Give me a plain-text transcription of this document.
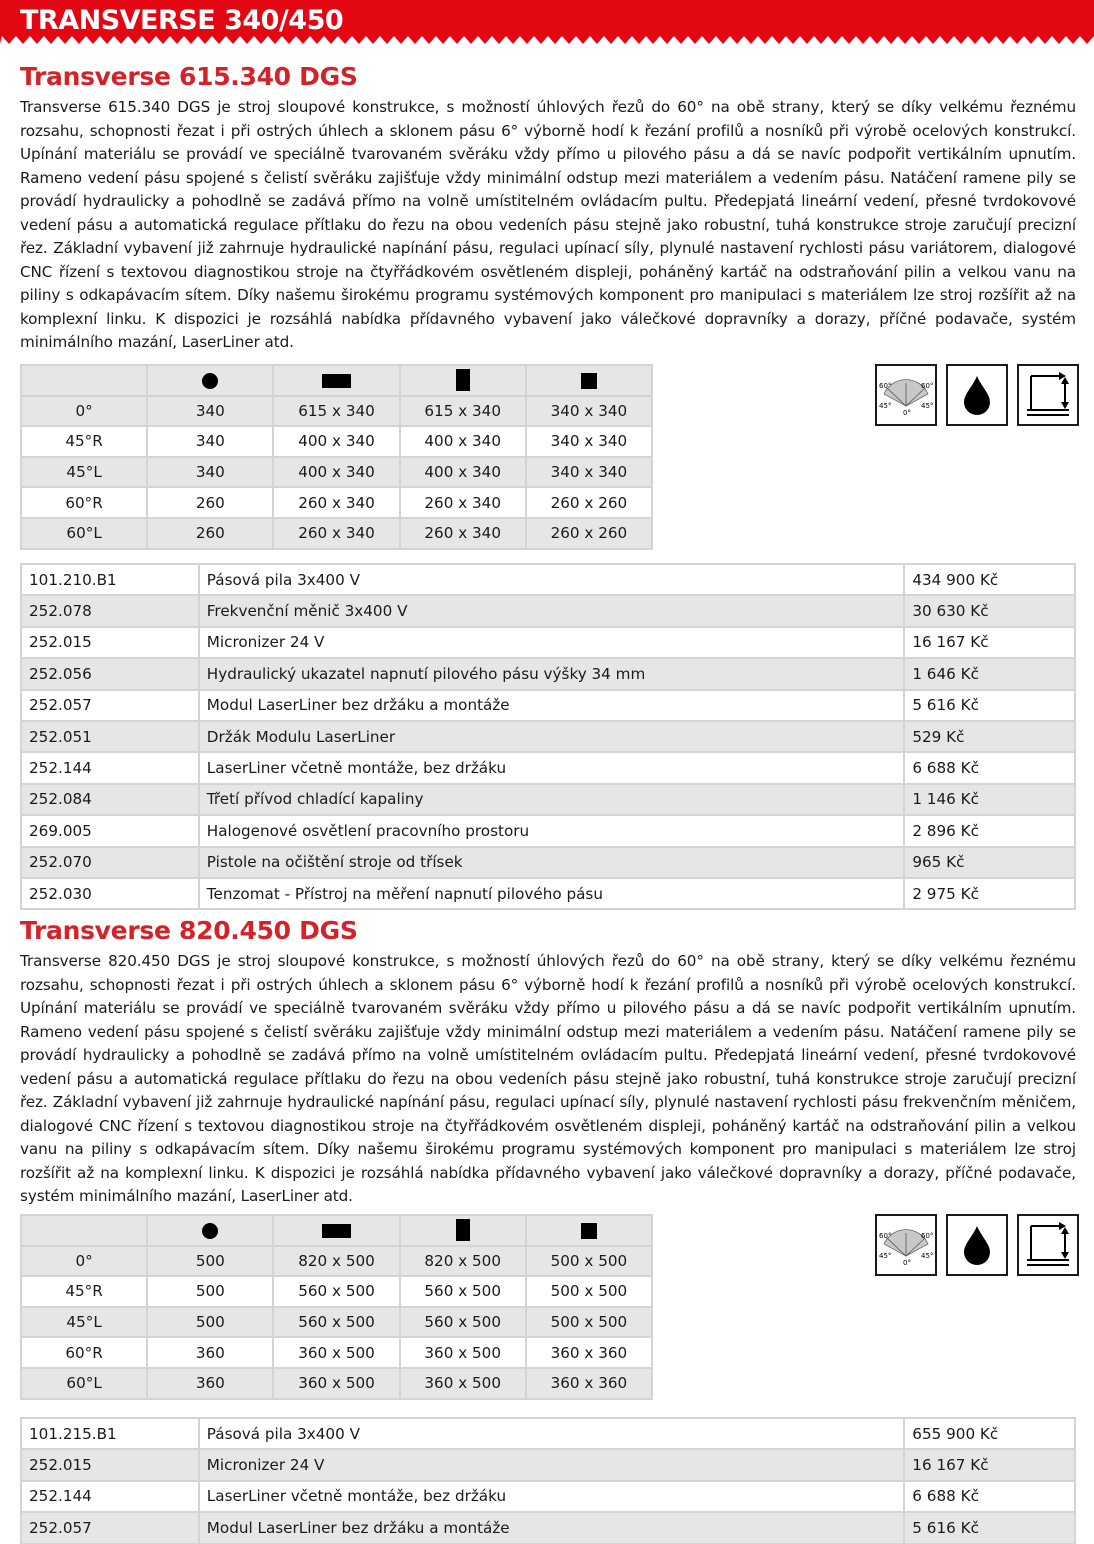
TRANSVERSE 340/450
Transverse 615.340 DGS
Transverse 615.340 DGS je stroj sloupové konstrukce, s možností úhlových řezů do 60° na obě strany, který se díky velkému řeznému rozsahu, schopnosti řezat i při ostrých úhlech a sklonem pásu 6° výborně hodí k řezání profilů a nosníků při výrobě ocelových konstrukcí. Upínání materiálu se provádí ve speciálně tvarovaném svěráku vždy přímo u pilového pásu a dá se navíc podpořit vertikálním upnutím. Rameno vedení pásu spojené s čelistí svěráku zajišťuje vždy minimální odstup mezi materiálem a vedením pásu. Natáčení ramene pily se provádí hydraulicky a pohodlně se zadává přímo na volně umístitelném ovládacím pultu. Předepjatá lineární vedení, přesné tvrdokovové vedení pásu a automatická regulace přítlaku do řezu na obou vedeních pásu stejně jako robustní, tuhá konstrukce stroje zaručují precizní řez. Základní vybavení již zahrnuje hydraulické napínání pásu, regulaci upínací síly, plynulé nastavení rychlosti pásu variátorem, dialogové CNC řízení s textovou diagnostikou stroje na čtyřřádkovém osvětleném displeji, poháněný kartáč na odstraňování pilin a velkou vanu na piliny s odkapávacím sítem. Díky našemu širokému programu systémových komponent pro manipulaci s materiálem lze stroj rozšířit až na komplexní linku. K dispozici je rozsáhlá nabídka přídavného vybavení jako válečkové dopravníky a dorazy, příčné podavače, systém minimálního mazání, LaserLiner atd.

0°	340	615 x 340	615 x 340	340 x 340
45°R	340	400 x 340	400 x 340	340 x 340
45°L	340	400 x 340	400 x 340	340 x 340
60°R	260	260 x 340	260 x 340	260 x 260
60°L	260	260 x 340	260 x 340	260 x 260
60°	60°
45°	45°
0°
101.210.B1	Pásová pila 3x400 V	434 900 Kč
252.078	Frekvenční měnič 3x400 V	30 630 Kč
252.015	Micronizer 24 V	16 167 Kč
252.056	Hydraulický ukazatel napnutí pilového pásu výšky 34 mm	1 646 Kč
252.057	Modul LaserLiner bez držáku a montáže	5 616 Kč
252.051	Držák Modulu LaserLiner	529 Kč
252.144	LaserLiner včetně montáže, bez držáku	6 688 Kč
252.084	Třetí přívod chladící kapaliny	1 146 Kč
269.005	Halogenové osvětlení pracovního prostoru	2 896 Kč
252.070	Pistole na očištění stroje od třísek	965 Kč
252.030	Tenzomat - Přístroj na měření napnutí pilového pásu	2 975 Kč
Transverse 820.450 DGS
Transverse 820.450 DGS je stroj sloupové konstrukce, s možností úhlových řezů do 60° na obě strany, který se díky velkému řeznému rozsahu, schopnosti řezat i při ostrých úhlech a sklonem pásu 6° výborně hodí k řezání profilů a nosníků při výrobě ocelových konstrukcí. Upínání materiálu se provádí ve speciálně tvarovaném svěráku vždy přímo u pilového pásu a dá se navíc podpořit vertikálním upnutím. Rameno vedení pásu spojené s čelistí svěráku zajišťuje vždy minimální odstup mezi materiálem a vedením pásu. Natáčení ramene pily se provádí hydraulicky a pohodlně se zadává přímo na volně umístitelném ovládacím pultu. Předepjatá lineární vedení, přesné tvrdokovové vedení pásu a automatická regulace přítlaku do řezu na obou vedeních pásu stejně jako robustní, tuhá konstrukce stroje zaručují precizní řez. Základní vybavení již zahrnuje hydraulické napínání pásu, regulaci upínací síly, plynulé nastavení rychlosti pásu frekvenčním měničem, dialogové CNC řízení s textovou diagnostikou stroje na čtyřřádkovém osvětleném displeji, poháněný kartáč na odstraňování pilin a velkou vanu na piliny s odkapávacím sítem. Díky našemu širokému programu systémových komponent pro manipulaci s materiálem lze stroj rozšířit až na komplexní linku. K dispozici je rozsáhlá nabídka přídavného vybavení jako válečkové dopravníky a dorazy, příčné podavače, systém minimálního mazání, LaserLiner atd.

0°	500	820 x 500	820 x 500	500 x 500
45°R	500	560 x 500	560 x 500	500 x 500
45°L	500	560 x 500	560 x 500	500 x 500
60°R	360	360 x 500	360 x 500	360 x 360
60°L	360	360 x 500	360 x 500	360 x 360
60°	60°
45°	45°
0°
101.215.B1	Pásová pila 3x400 V	655 900 Kč
252.015	Micronizer 24 V	16 167 Kč
252.144	LaserLiner včetně montáže, bez držáku	6 688 Kč
252.057	Modul LaserLiner bez držáku a montáže	5 616 Kč
